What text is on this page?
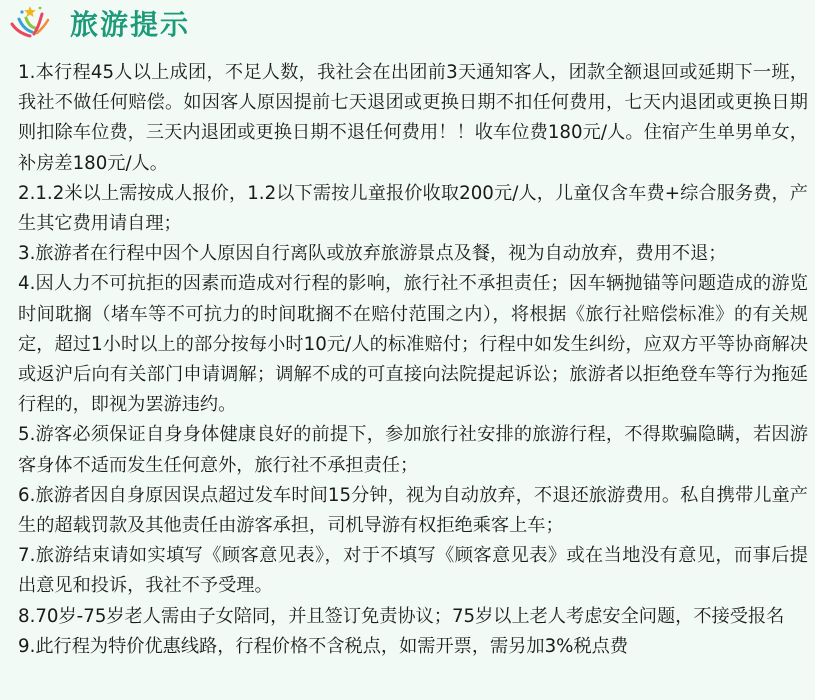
旅游提示

1.本行程45人以上成团，不足人数，我社会在出团前3天通知客人，团款全额退回或延期下一班，我社不做任何赔偿。如因客人原因提前七天退团或更换日期不扣任何费用，七天内退团或更换日期则扣除车位费，三天内退团或更换日期不退任何费用！！收车位费180元/人。住宿产生单男单女，补房差180元/人。

2.1.2米以上需按成人报价，1.2以下需按儿童报价收取200元/人，儿童仅含车费+综合服务费，产生其它费用请自理；

3.旅游者在行程中因个人原因自行离队或放弃旅游景点及餐，视为自动放弃，费用不退；

4.因人力不可抗拒的因素而造成对行程的影响，旅行社不承担责任；因车辆抛锚等问题造成的游览时间耽搁（堵车等不可抗力的时间耽搁不在赔付范围之内），将根据《旅行社赔偿标准》的有关规定，超过1小时以上的部分按每小时10元/人的标准赔付；行程中如发生纠纷，应双方平等协商解决或返沪后向有关部门申请调解；调解不成的可直接向法院提起诉讼；旅游者以拒绝登车等行为拖延行程的，即视为罢游违约。

5.游客必须保证自身身体健康良好的前提下，参加旅行社安排的旅游行程，不得欺骗隐瞒，若因游客身体不适而发生任何意外，旅行社不承担责任；

6.旅游者因自身原因误点超过发车时间15分钟，视为自动放弃，不退还旅游费用。私自携带儿童产生的超载罚款及其他责任由游客承担，司机导游有权拒绝乘客上车；

7.旅游结束请如实填写《顾客意见表》，对于不填写《顾客意见表》或在当地没有意见，而事后提出意见和投诉，我社不予受理。

8.70岁-75岁老人需由子女陪同，并且签订免责协议；75岁以上老人考虑安全问题，不接受报名

9.此行程为特价优惠线路，行程价格不含税点，如需开票，需另加3%税点费
